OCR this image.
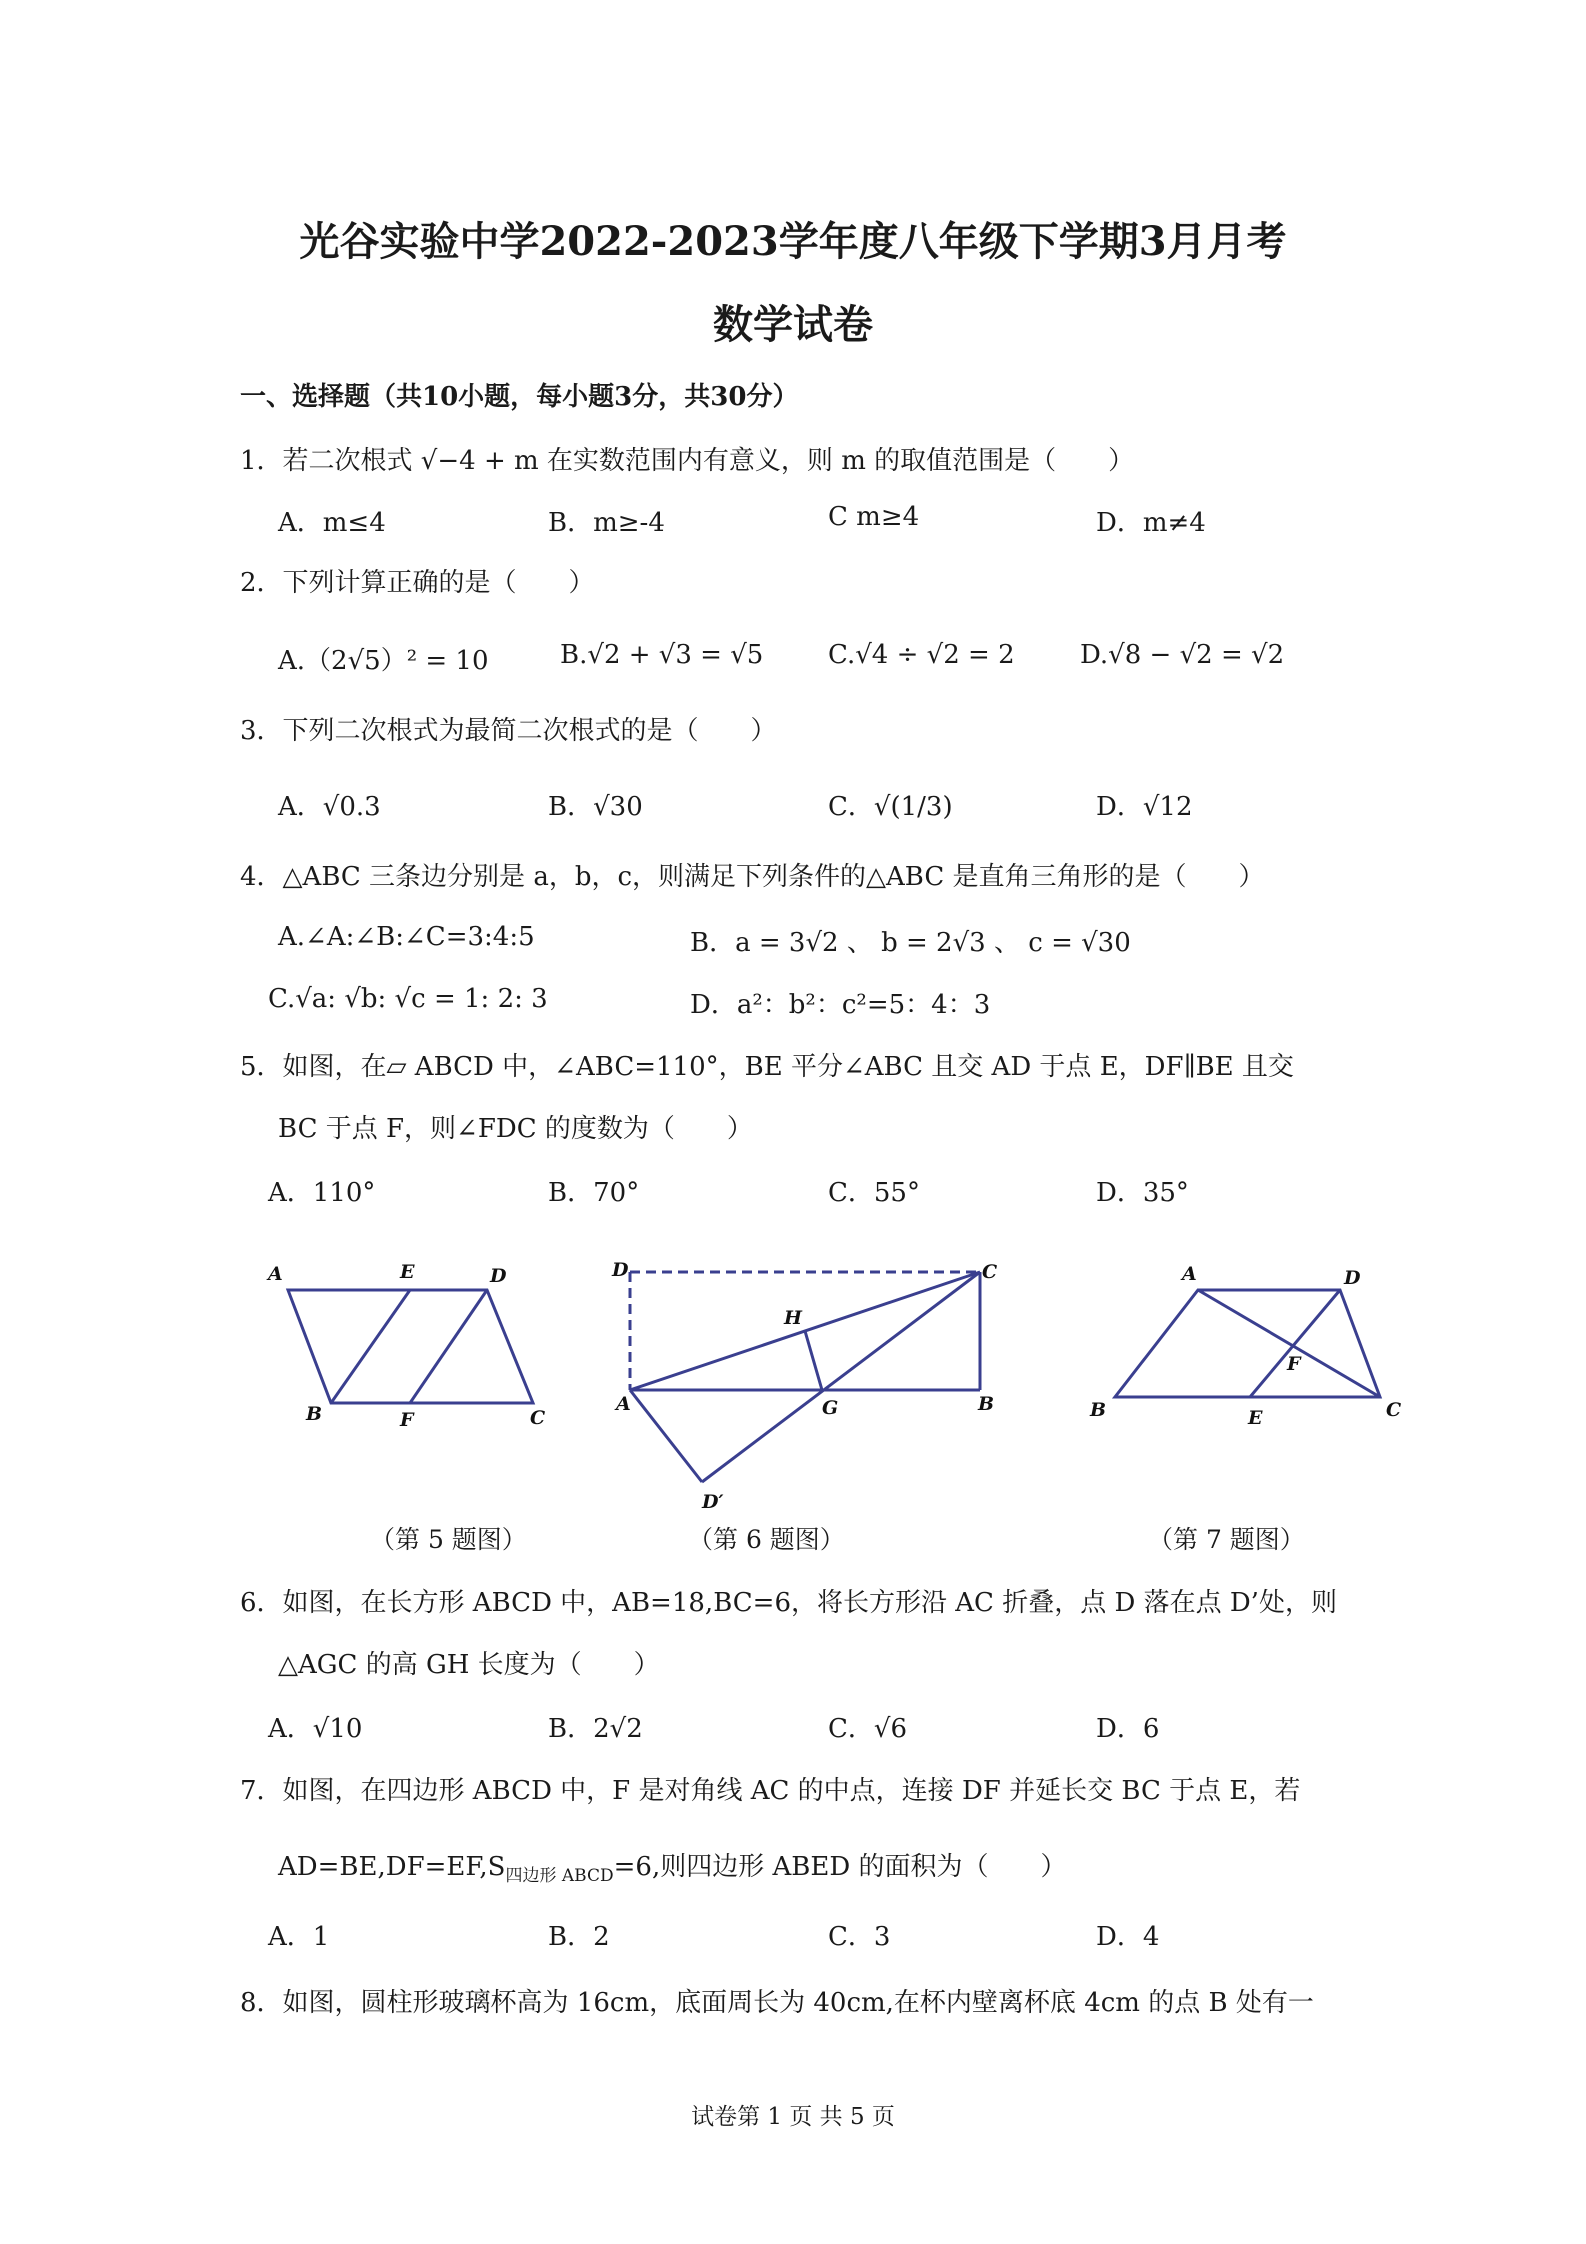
光谷实验中学2022-2023学年度八年级下学期3月月考
数学试卷
一、选择题（共10小题，每小题3分，共30分）
1．若二次根式 √−4 + m 在实数范围内有意义，则 m 的取值范围是（　　）
A．m≤4	B．m≥-4	C m≥4	D．m≠4
2．下列计算正确的是（　　）
A.（2√5）² = 10	B.√2 + √3 = √5 C.√4 ÷ √2 = 2	D.√8 − √2 = √2
3．下列二次根式为最简二次根式的是（　　）
A．√0.3	B．√30	C．√(1/3)	D．√12
4．△ABC 三条边分别是 a，b，c，则满足下列条件的△ABC 是直角三角形的是（　　）
A.∠A:∠B:∠C=3:4:5	B．a = 3√2 、 b = 2√3 、 c = √30
C.√a: √b: √c = 1: 2: 3	D．a²：b²：c²=5：4：3
5．如图，在▱ ABCD 中，∠ABC=110°，BE 平分∠ABC 且交 AD 于点 E，DF∥BE 且交
BC 于点 F，则∠FDC 的度数为（　　）
A．110°	B．70°	C．55°	D．35°
A	E	D
B	F	C
D	C
H
A	G	B
D′
A	D
F
B	E	C
（第 5 题图）	（第 6 题图）	（第 7 题图）
6．如图，在长方形 ABCD 中，AB=18,BC=6，将长方形沿 AC 折叠，点 D 落在点 D’处，则
△AGC 的高 GH 长度为（　　）
A．√10	B．2√2	C．√6	D．6
7．如图，在四边形 ABCD 中，F 是对角线 AC 的中点，连接 DF 并延长交 BC 于点 E，若
$AD=BE,DF=EF,S_{四边形 ABCD}=6$,则四边形 ABED 的面积为（　　）
A．1	B．2	C．3	D．4
8．如图，圆柱形玻璃杯高为 16cm，底面周长为 40cm,在杯内壁离杯底 4cm 的点 B 处有一
试卷第 1 页 共 5 页
